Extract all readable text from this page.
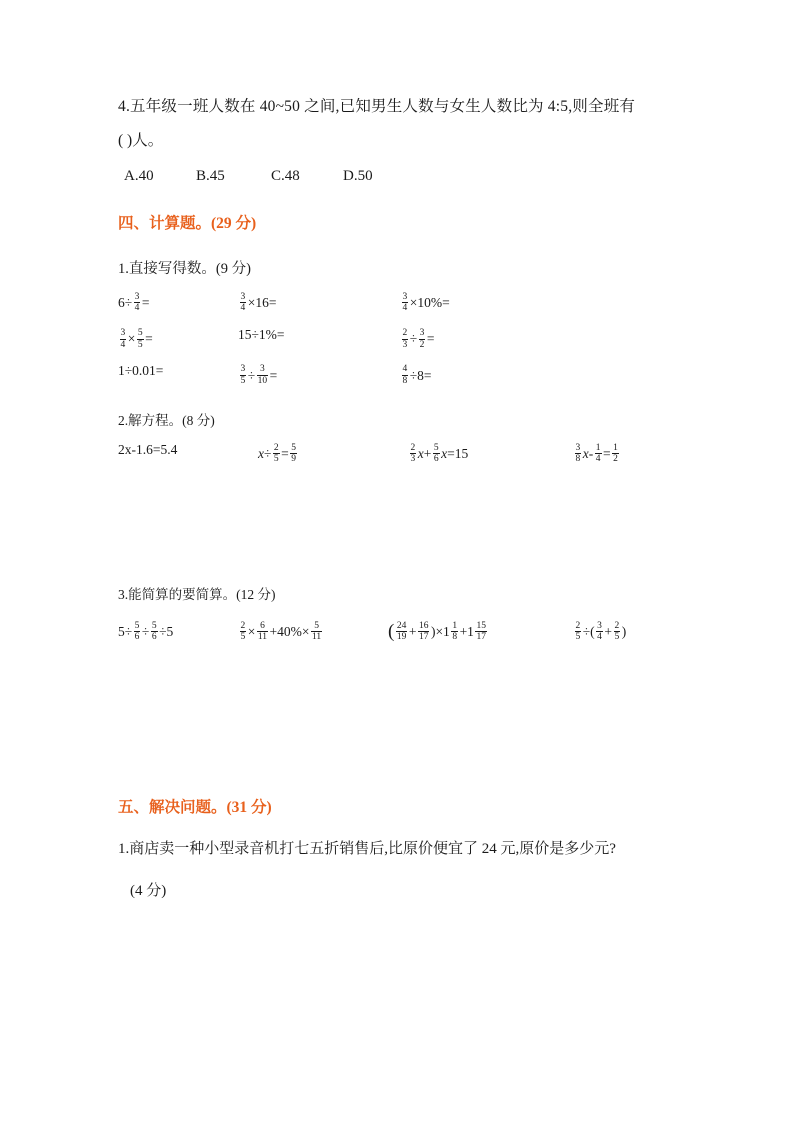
4.五年级一班人数在 40~50 之间,已知男生人数与女生人数比为 4:5,则全班有
( )人。
A.40	B.45	C.48	D.50
四、计算题。(29 分)
1.直接写得数。(9 分)
$6\div \frac{3}{4}$ =	$\frac{3}{4} \times 16=$	$\frac{3}{4} \times 10\%=$
$\frac{3}{4} \times \frac{5}{5}$ =	15÷1%=	$\frac{2}{3} \div \frac{3}{2}$ =
1÷0.01=	$\frac{3}{5} \div \frac{3}{10}$ =	$\frac{4}{8} \div 8=$
2.解方程。(8 分)
2x-1.6=5.4	$x \div \frac{2}{5} = \frac{5}{9}$	$\frac{2}{3}$ $x + \frac{5}{6}$ x =15	$\frac{3}{8}$ $x - \frac{1}{4} = \frac{1}{2}$
3.能简算的要简算。(12 分)
$5\div \frac{5}{6} \div \frac{5}{6} \div 5$	$\frac{2}{5} \times \frac{6}{11} +40\%\times \frac{5}{11}$	( $\frac{24}{19} + \frac{16}{17} )\times 1 \frac{1}{8} +1 \frac{15}{17}$	$\frac{2}{5}$ ÷( $\frac{3}{4} + \frac{2}{5}$ )
五、解决问题。(31 分)
1.商店卖一种小型录音机打七五折销售后,比原价便宜了 24 元,原价是多少元?
(4 分)
